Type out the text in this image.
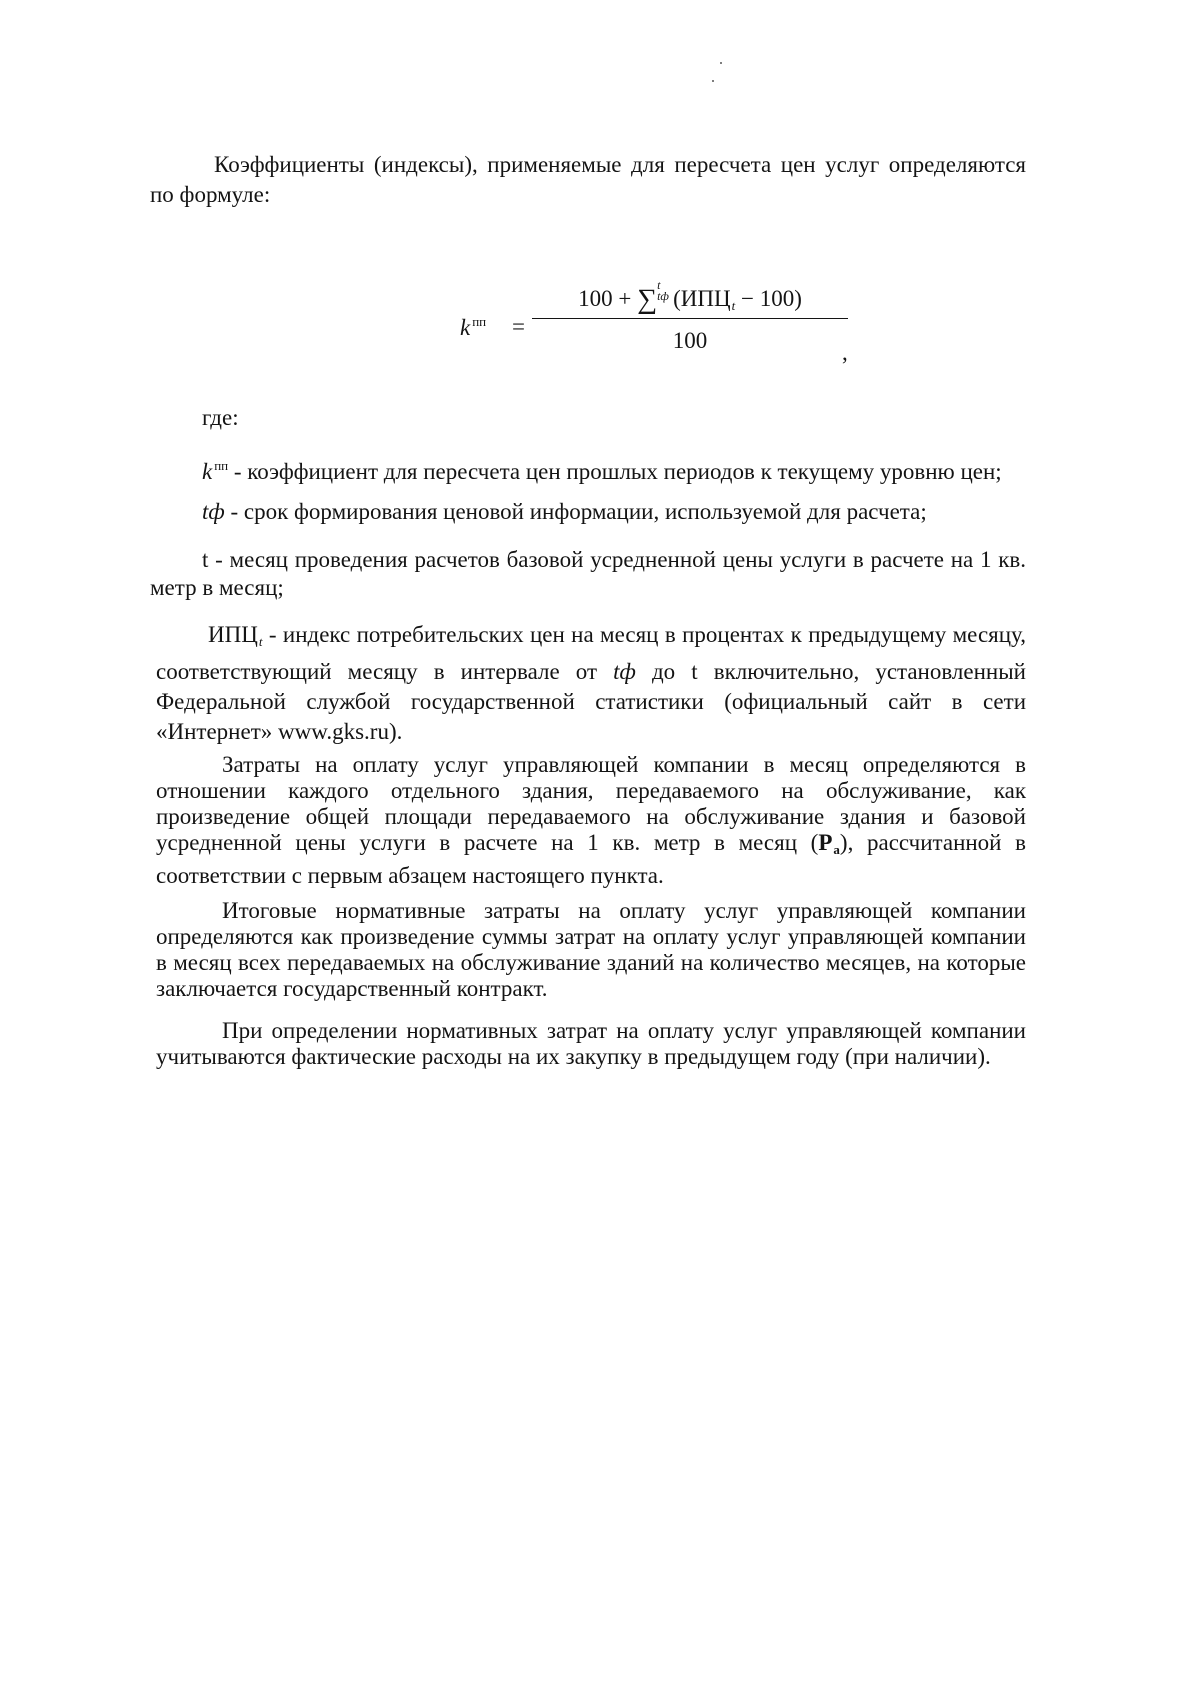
Коэффициенты (индексы), применяемые для пересчета цен услуг определяются по формуле:
k $^{пп}$ =
100 + ∑t
tф (ИПЦt − 100)
100	,
где:
k $^{пп}$ - коэффициент для пересчета цен прошлых периодов к текущему уровню цен;
tф - срок формирования ценовой информации, используемой для расчета;
t - месяц проведения расчетов базовой усредненной цены услуги в расчете на 1 кв. метр в месяц;
ИПЦt - индекс потребительских цен на месяц в процентах к предыдущему месяцу, соответствующий месяцу в интервале от tф до t включительно, установленный Федеральной службой государственной статистики (официальный сайт в сети «Интернет» www.gks.ru).
Затраты на оплату услуг управляющей компании в месяц определяются в отношении каждого отдельного здания, передаваемого на обслуживание, как произведение общей площади передаваемого на обслуживание здания и базовой усредненной цены услуги в расчете на 1 кв. метр в месяц (Pa), рассчитанной в соответствии с первым абзацем настоящего пункта.
Итоговые нормативные затраты на оплату услуг управляющей компании определяются как произведение суммы затрат на оплату услуг управляющей компании в месяц всех передаваемых на обслуживание зданий на количество месяцев, на которые заключается государственный контракт.
При определении нормативных затрат на оплату услуг управляющей компании учитываются фактические расходы на их закупку в предыдущем году (при наличии).
